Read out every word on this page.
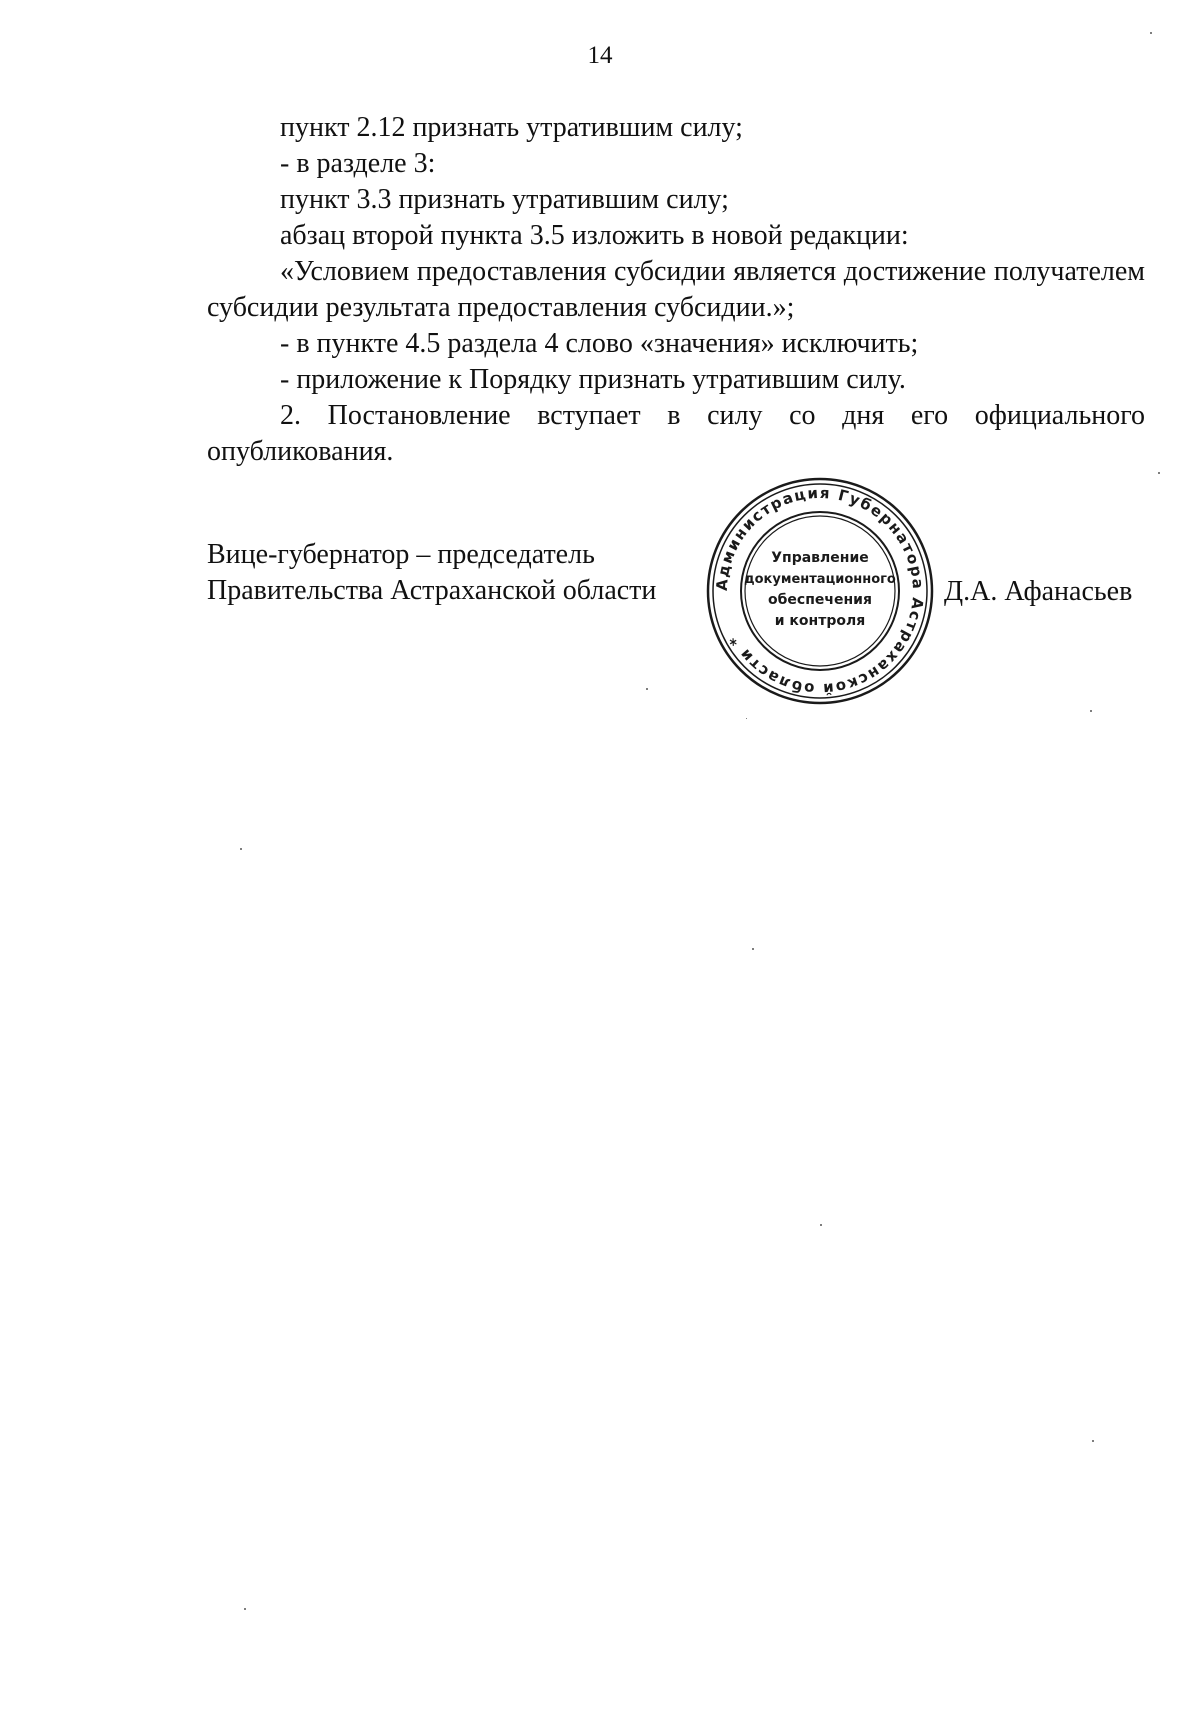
14

пункт 2.12 признать утратившим силу;

- в разделе 3:

пункт 3.3 признать утратившим силу;

абзац второй пункта 3.5 изложить в новой редакции:

«Условием предоставления субсидии является достижение получателем субсидии результата предоставления субсидии.»;

- в пункте 4.5 раздела 4 слово «значения» исключить;

- приложение к Порядку признать утратившим силу.

2. Постановление вступает в силу со дня его официального опубликования.

Вице-губернатор – председатель
Правительства Астраханской области	Д.А. Афанасьев
Администрация Губернатора Астраханской области *
Управление
документационного
обеспечения
и контроля
